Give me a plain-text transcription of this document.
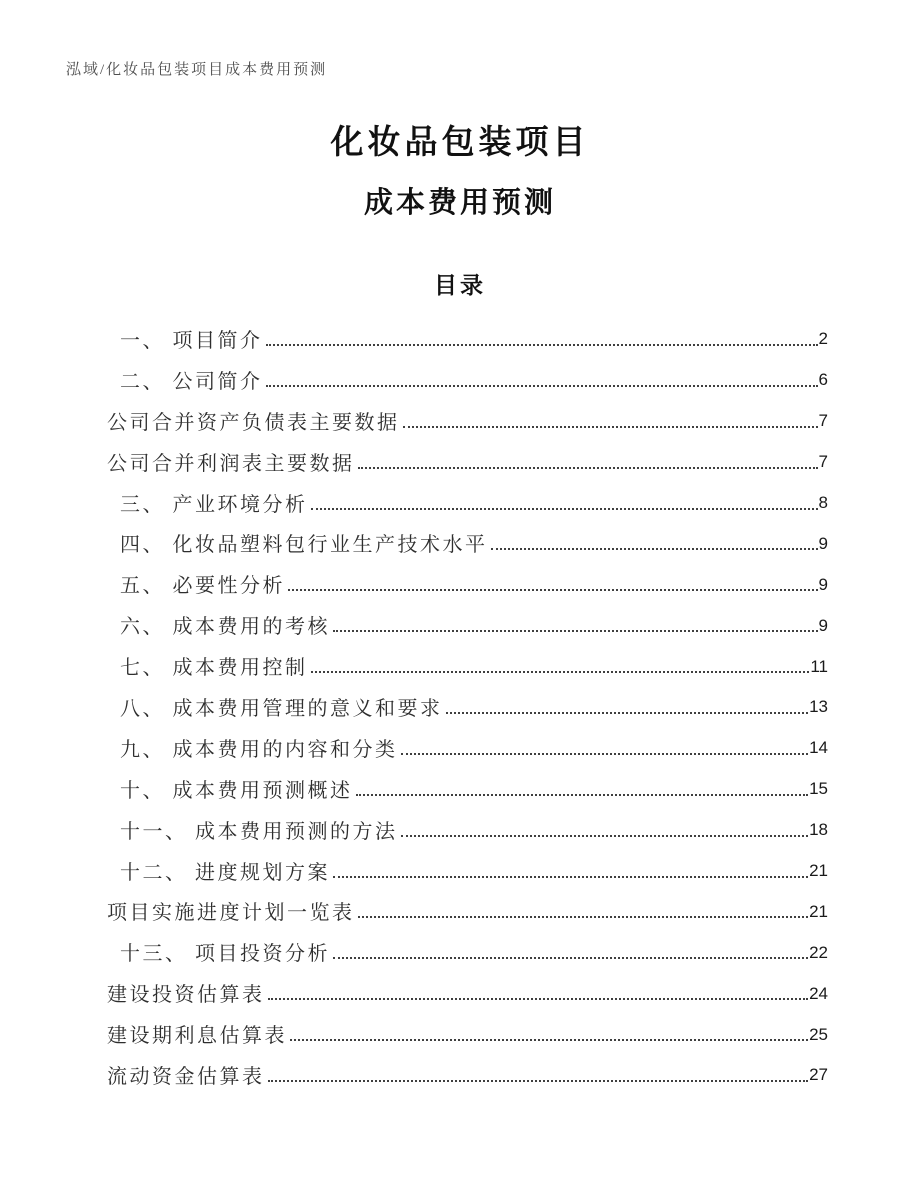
泓域/化妆品包装项目成本费用预测
化妆品包装项目
成本费用预测
目录
一、 项目简介	2
二、 公司简介	6
公司合并资产负债表主要数据	7
公司合并利润表主要数据	7
三、 产业环境分析	8
四、 化妆品塑料包行业生产技术水平	9
五、 必要性分析	9
六、 成本费用的考核	9
七、 成本费用控制	11
八、 成本费用管理的意义和要求	13
九、 成本费用的内容和分类	14
十、 成本费用预测概述	15
十一、 成本费用预测的方法	18
十二、 进度规划方案	21
项目实施进度计划一览表	21
十三、 项目投资分析	22
建设投资估算表	24
建设期利息估算表	25
流动资金估算表	27
